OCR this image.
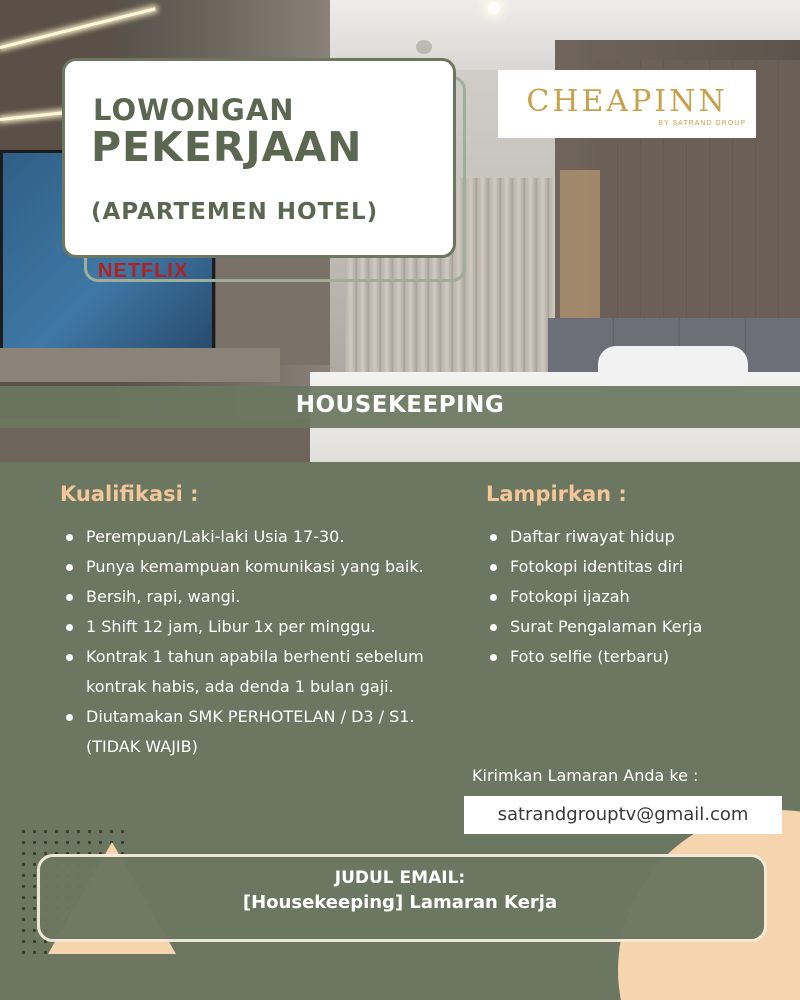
NETFLIX
LOWONGAN
PEKERJAAN
(APARTEMEN HOTEL)
CHEAPINN
BY SATRAND GROUP
HOUSEKEEPING
Kualifikasi :
Perempuan/Laki-laki Usia 17-30.
Punya kemampuan komunikasi yang baik.
Bersih, rapi, wangi.
1 Shift 12 jam, Libur 1x per minggu.
Kontrak 1 tahun apabila berhenti sebelum kontrak habis, ada denda 1 bulan gaji.
Diutamakan SMK PERHOTELAN / D3 / S1. (TIDAK WAJIB)
Lampirkan :
Daftar riwayat hidup
Fotokopi identitas diri
Fotokopi ijazah
Surat Pengalaman Kerja
Foto selfie (terbaru)
Kirimkan Lamaran Anda ke :
satrandgrouptv@gmail.com
JUDUL EMAIL:
[Housekeeping] Lamaran Kerja
